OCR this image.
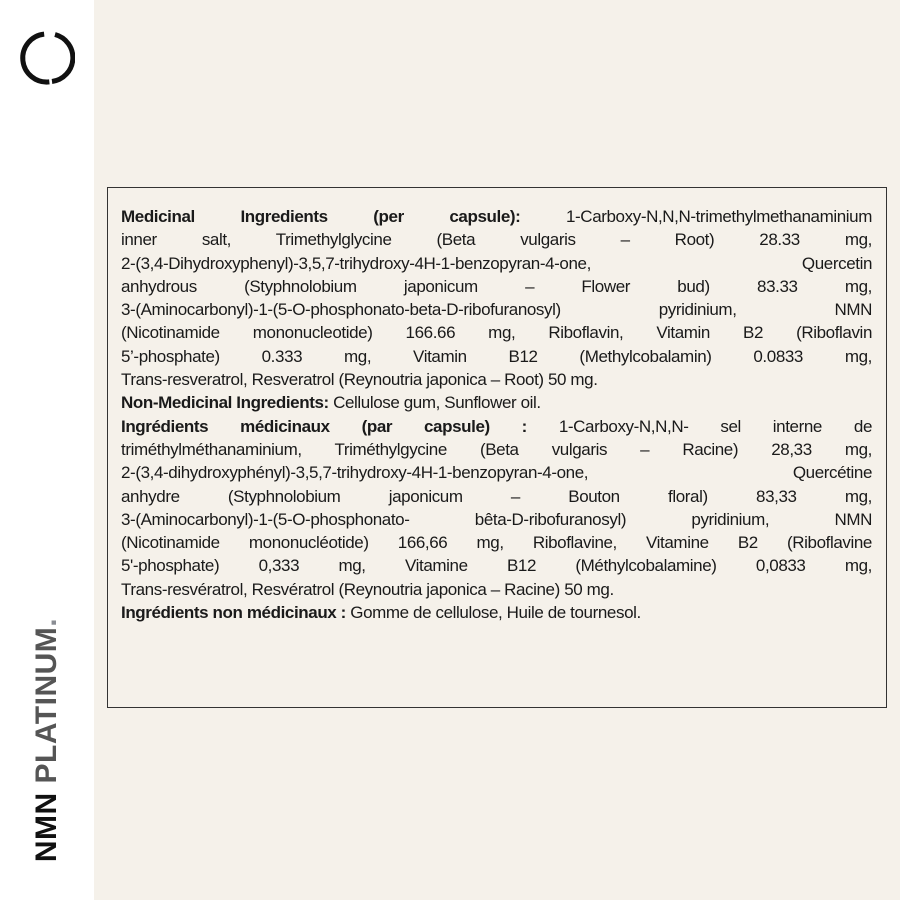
NMN PLATINUM.
Medicinal Ingredients (per capsule): 1-Carboxy-N,N,N-trimethylmethanaminium
inner salt, Trimethylglycine (Beta vulgaris – Root) 28.33 mg,
2-(3,4-Dihydroxyphenyl)-3,5,7-trihydroxy-4H-1-benzopyran-4-one, Quercetin
anhydrous (Styphnolobium japonicum – Flower bud) 83.33 mg,
3-(Aminocarbonyl)-1-(5-O-phosphonato-beta-D-ribofuranosyl) pyridinium, NMN
(Nicotinamide mononucleotide) 166.66 mg, Riboflavin, Vitamin B2 (Riboflavin
5’-phosphate) 0.333 mg, Vitamin B12 (Methylcobalamin) 0.0833 mg,
Trans-resveratrol, Resveratrol (Reynoutria japonica – Root) 50 mg.
Non-Medicinal Ingredients: Cellulose gum, Sunflower oil.
Ingrédients médicinaux (par capsule) : 1-Carboxy-N,N,N- sel interne de
triméthylméthanaminium, Triméthylgycine (Beta vulgaris – Racine) 28,33 mg,
2-(3,4-dihydroxyphényl)-3,5,7-trihydroxy-4H-1-benzopyran-4-one, Quercétine
anhydre (Styphnolobium japonicum – Bouton floral) 83,33 mg,
3-(Aminocarbonyl)-1-(5-O-phosphonato- bêta-D-ribofuranosyl) pyridinium, NMN
(Nicotinamide mononucléotide) 166,66 mg, Riboflavine, Vitamine B2 (Riboflavine
5'-phosphate) 0,333 mg, Vitamine B12 (Méthylcobalamine) 0,0833 mg,
Trans-resvératrol, Resvératrol (Reynoutria japonica – Racine) 50 mg.
Ingrédients non médicinaux : Gomme de cellulose, Huile de tournesol.
